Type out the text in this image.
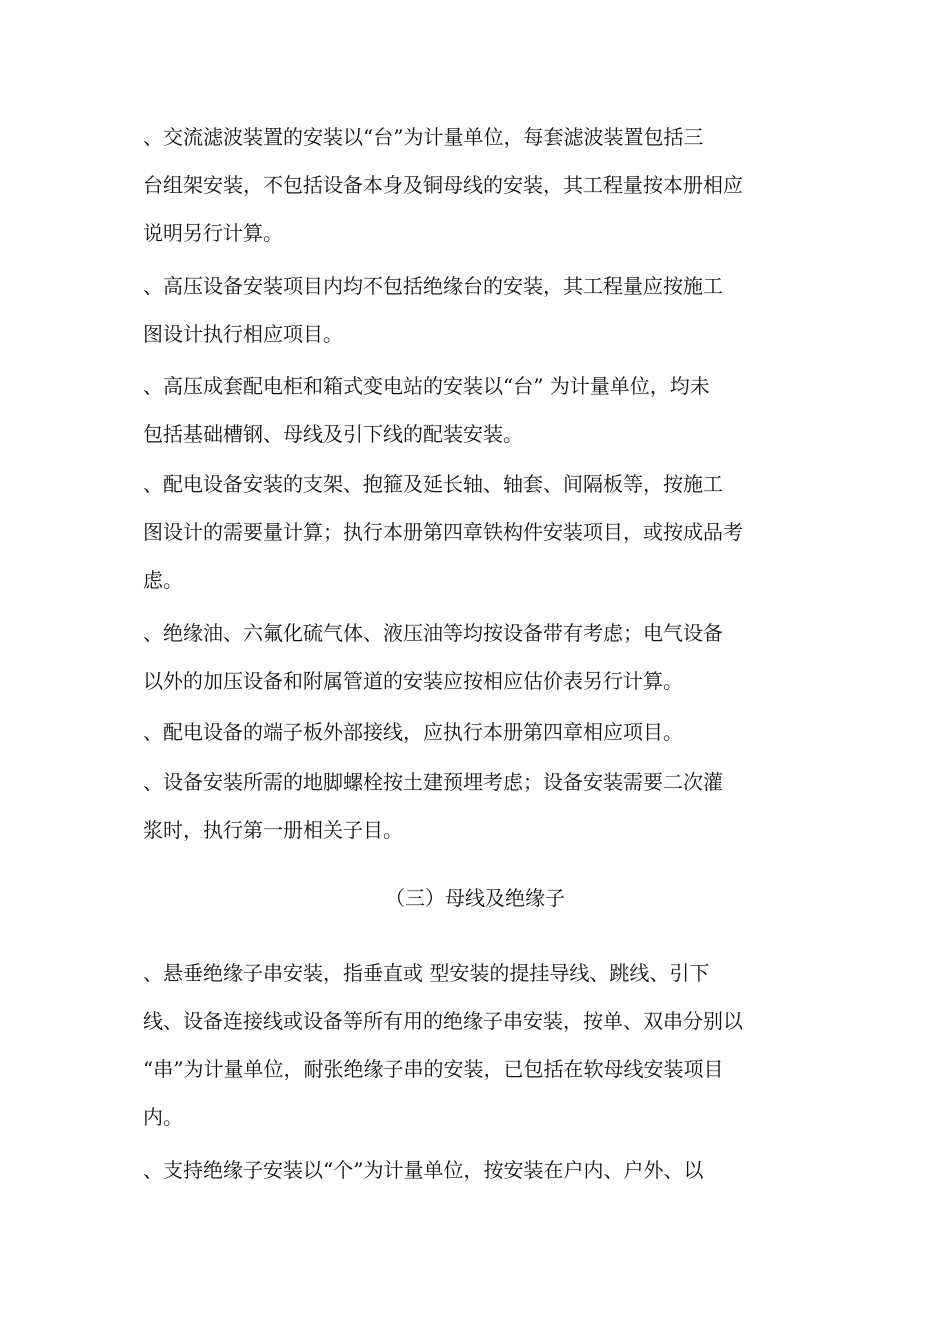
、交流滤波装置的安装以“台”为计量单位，每套滤波装置包括三
台组架安装，不包括设备本身及铜母线的安装，其工程量按本册相应
说明另行计算。
、高压设备安装项目内均不包括绝缘台的安装，其工程量应按施工
图设计执行相应项目。
、高压成套配电柜和箱式变电站的安装以“台” 为计量单位，均未
包括基础槽钢、母线及引下线的配装安装。
、配电设备安装的支架、抱箍及延长轴、轴套、间隔板等，按施工
图设计的需要量计算；执行本册第四章铁构件安装项目，或按成品考
虑。
、绝缘油、六氟化硫气体、液压油等均按设备带有考虑；电气设备
以外的加压设备和附属管道的安装应按相应估价表另行计算。
、配电设备的端子板外部接线，应执行本册第四章相应项目。
、设备安装所需的地脚螺栓按土建预埋考虑；设备安装需要二次灌
浆时，执行第一册相关子目。
（三）母线及绝缘子
、悬垂绝缘子串安装，指垂直或 型安装的提挂导线、跳线、引下
线、设备连接线或设备等所有用的绝缘子串安装，按单、双串分别以
“串”为计量单位，耐张绝缘子串的安装，已包括在软母线安装项目
内。
、支持绝缘子安装以“个”为计量单位，按安装在户内、户外、以
